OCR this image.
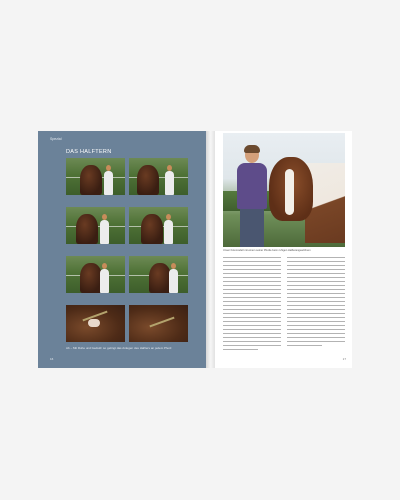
Spezial
DAS HALFTERN
Ab – Mit Ruhe und Geduld: so gelingt das Anlegen des Halfters an jedem Pferd
16
Unser Fotomodell mit einem seiner Pferde beim ruhigen Halfterangewöhnen
17
